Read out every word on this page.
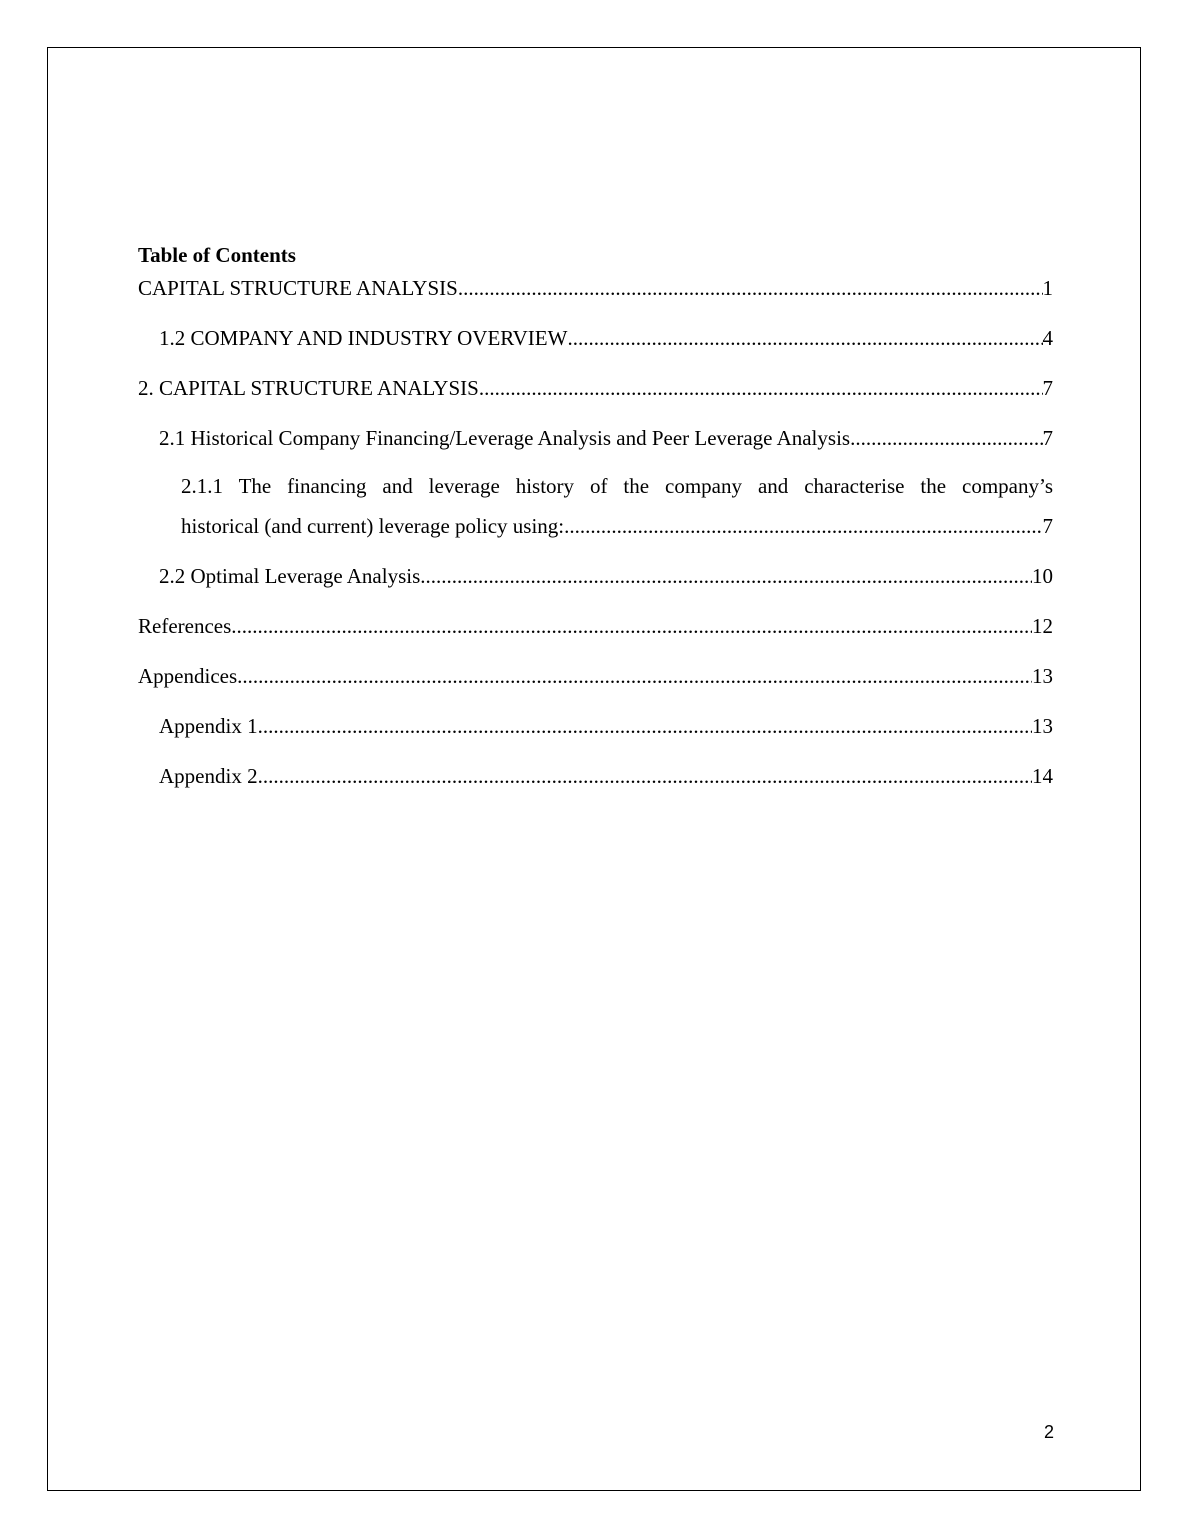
Table of Contents
CAPITAL STRUCTURE ANALYSIS .....	1
1.2 COMPANY AND INDUSTRY OVERVIEW .....	4
2. CAPITAL STRUCTURE ANALYSIS .....	7
2.1 Historical Company Financing/Leverage Analysis and Peer Leverage Analysis .....	7
2.1.1 The financing and leverage history of the company and characterise the company’s
historical (and current) leverage policy using: .....	7
2.2 Optimal Leverage Analysis .....	10
References .....	12
Appendices .....	13
Appendix 1 .....	13
Appendix 2 .....	14
2
